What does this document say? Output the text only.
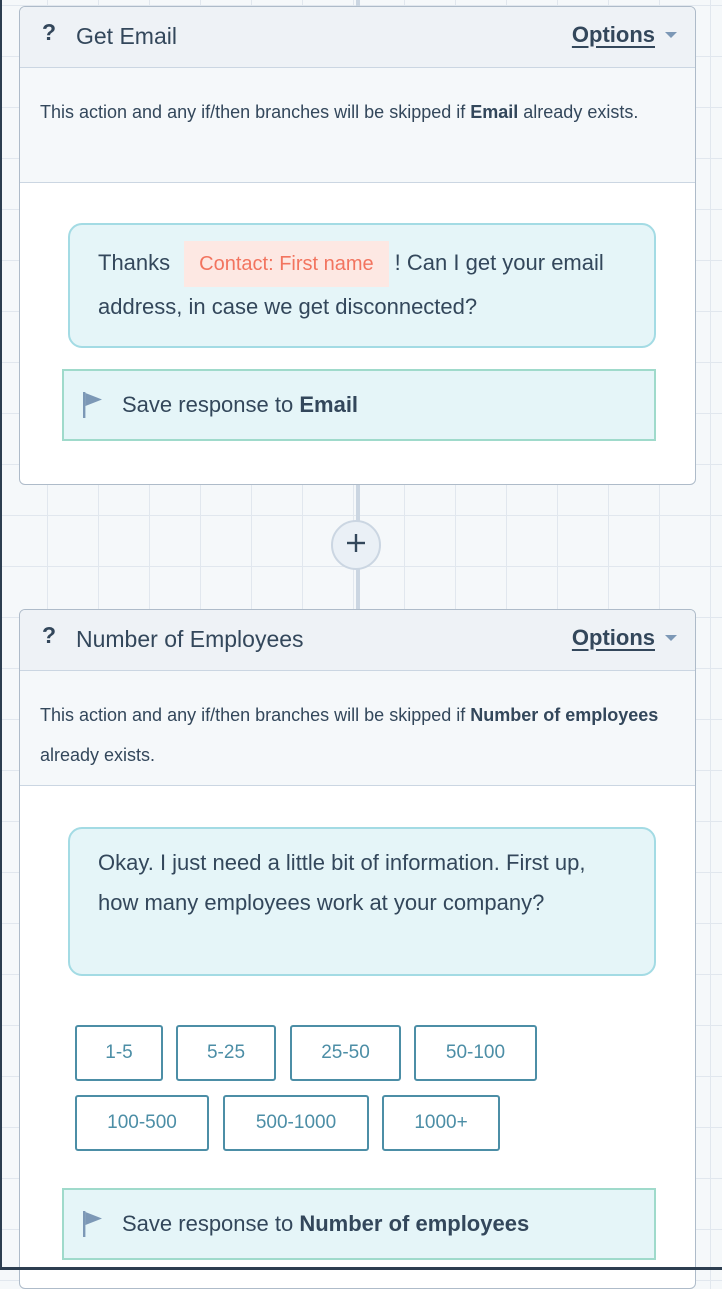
? Get Email	Options
This action and any if/then branches will be skipped if Email already exists.
Thanks Contact: First name ! Can I get your email address, in case we get disconnected?
Save response to Email
? Number of Employees	Options
This action and any if/then branches will be skipped if Number of employees already exists.
Okay. I just need a little bit of information. First up, how many employees work at your company?
1-5	5-25	25-50	50-100
100-500	500-1000	1000+
Save response to Number of employees
